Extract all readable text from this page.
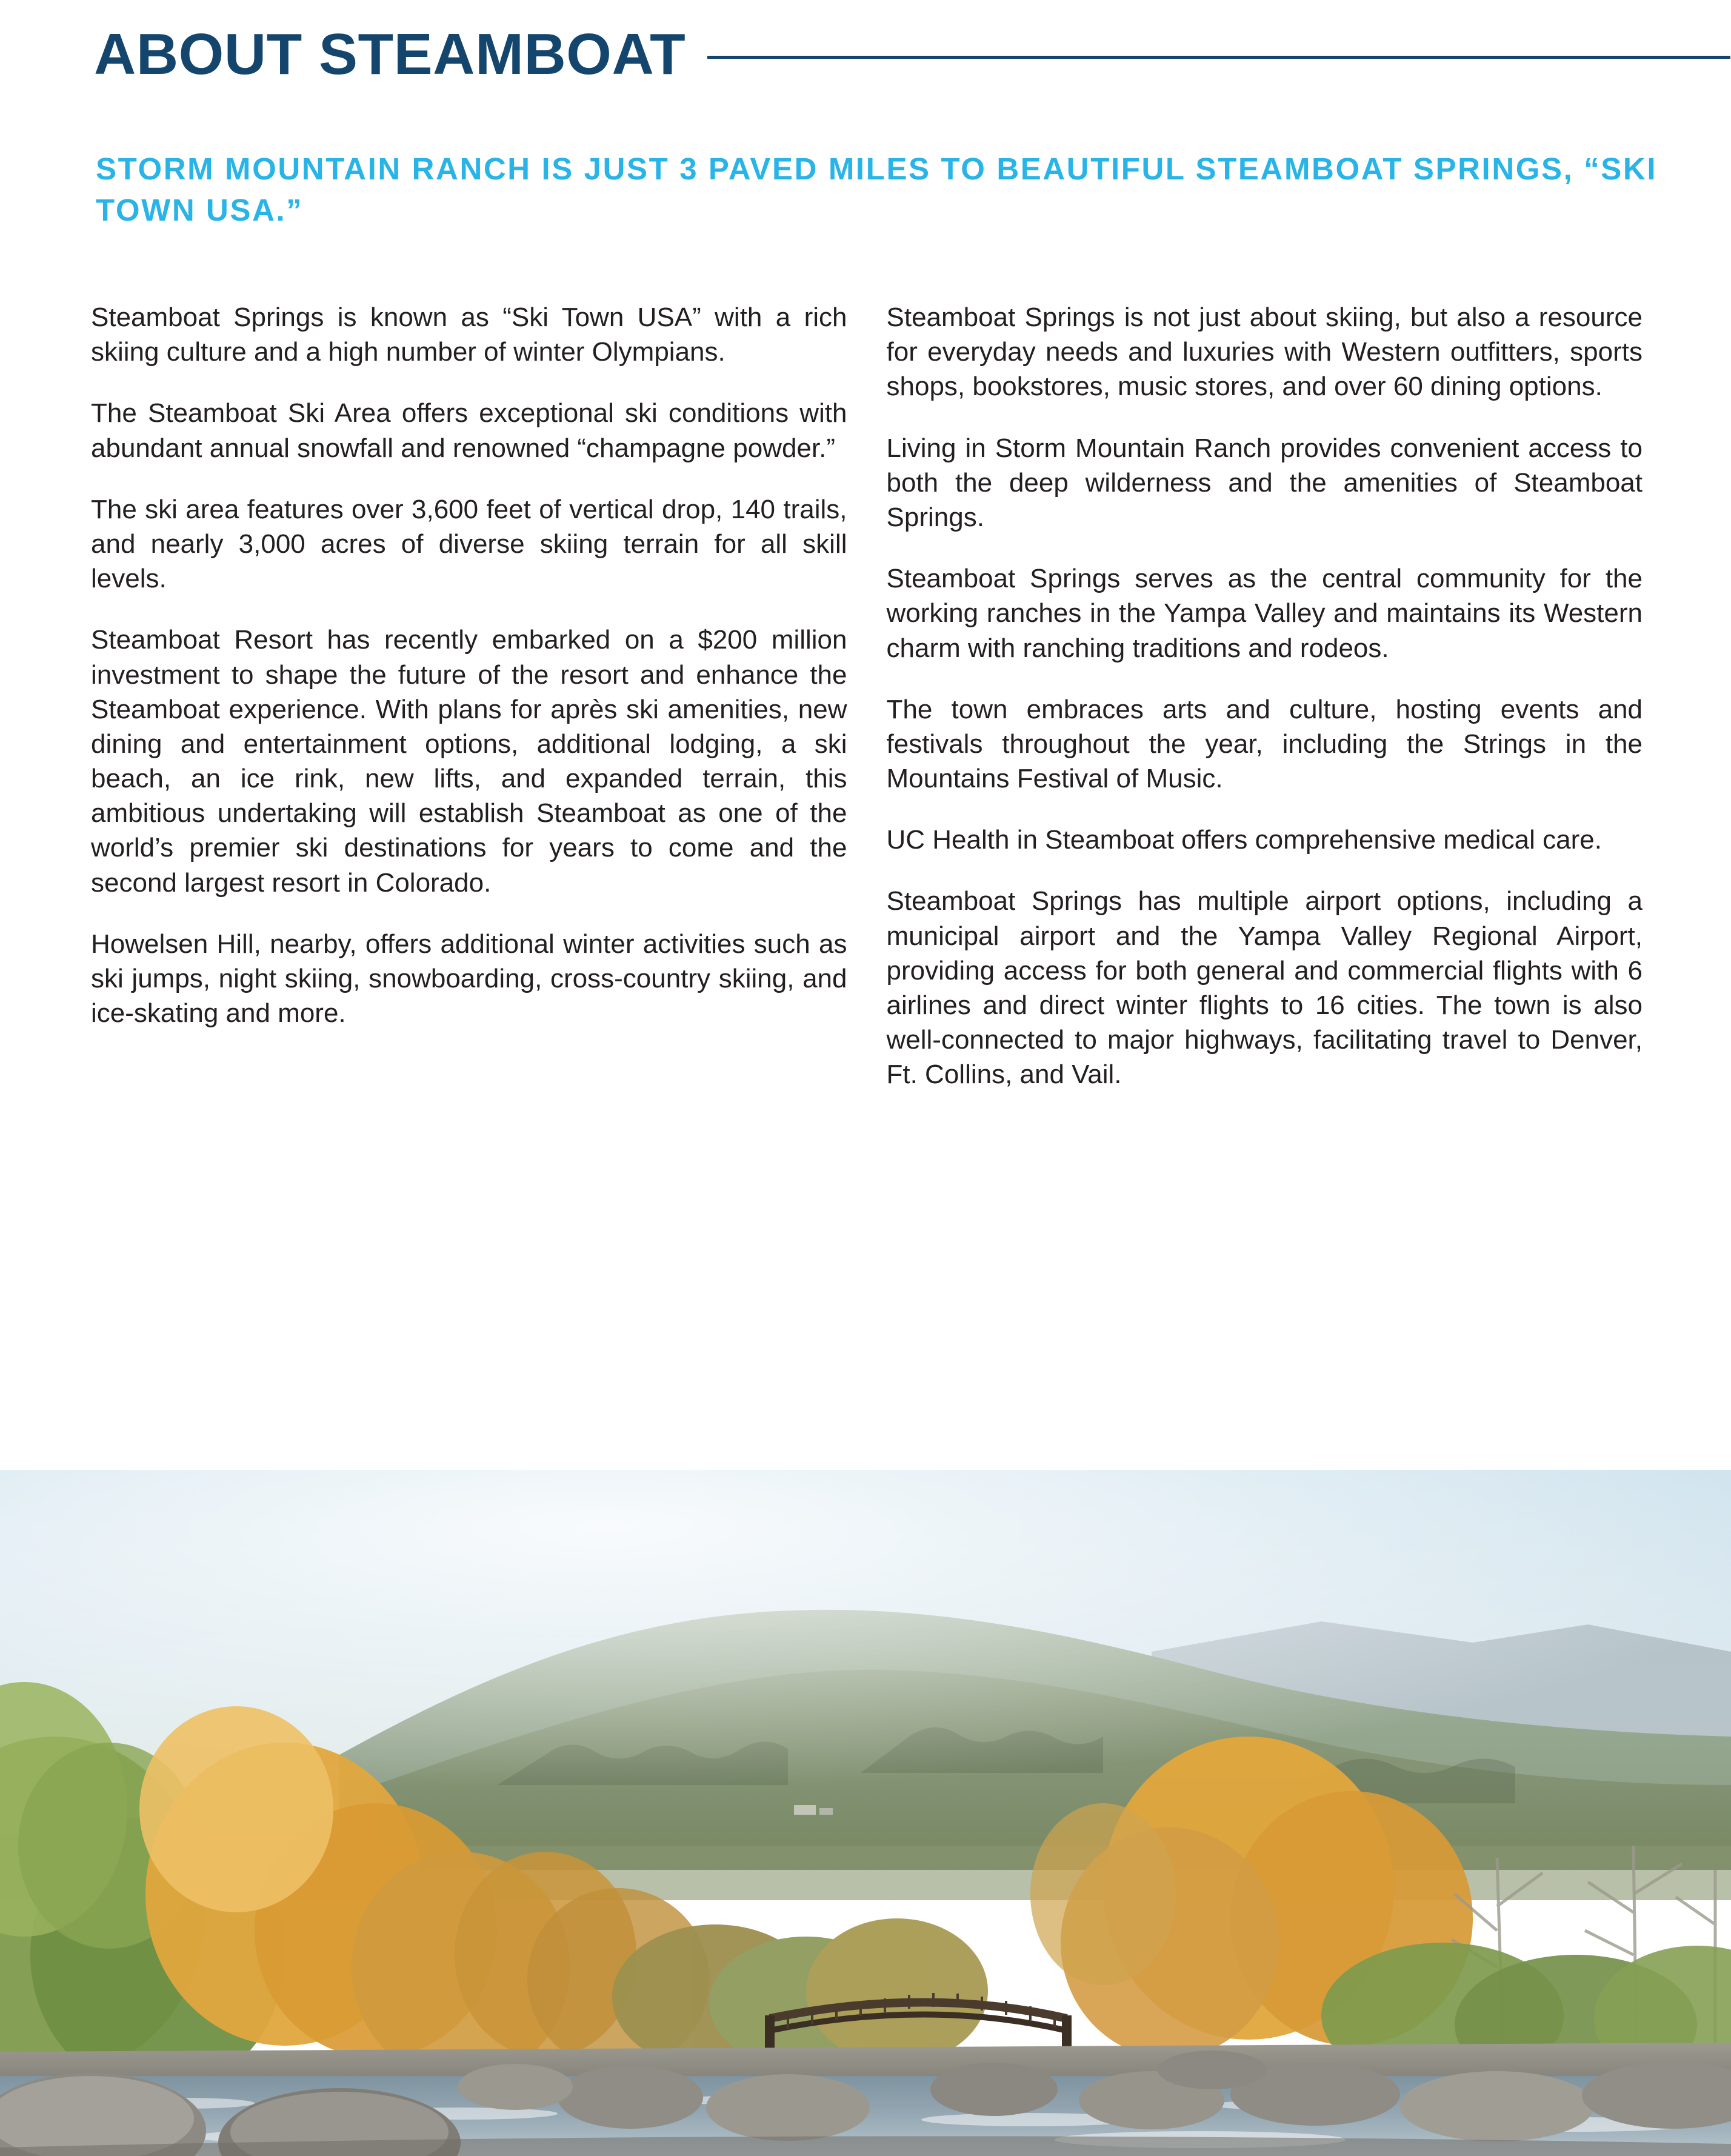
ABOUT STEAMBOAT
STORM MOUNTAIN RANCH IS JUST 3 PAVED MILES TO BEAUTIFUL STEAMBOAT SPRINGS, “SKI TOWN USA.”

Steamboat Springs is known as “Ski Town USA” with a rich skiing culture and a high number of winter Olympians.

The Steamboat Ski Area offers exceptional ski conditions with abundant annual snowfall and renowned “champagne powder.”

The ski area features over 3,600 feet of vertical drop, 140 trails, and nearly 3,000 acres of diverse skiing terrain for all skill levels.

Steamboat Resort has recently embarked on a $200 million investment to shape the future of the resort and enhance the Steamboat experience. With plans for après ski amenities, new dining and entertainment options, additional lodging, a ski beach, an ice rink, new lifts, and expanded terrain, this ambitious undertaking will establish Steamboat as one of the world’s premier ski destinations for years to come and the second largest resort in Colorado.

Howelsen Hill, nearby, offers additional winter activities such as ski jumps, night skiing, snowboarding, cross-country skiing, and ice-skating and more.

Steamboat Springs is not just about skiing, but also a resource for everyday needs and luxuries with Western outfitters, sports shops, bookstores, music stores, and over 60 dining options.

Living in Storm Mountain Ranch provides convenient access to both the deep wilderness and the amenities of Steamboat Springs.

Steamboat Springs serves as the central community for the working ranches in the Yampa Valley and maintains its Western charm with ranching traditions and rodeos.

The town embraces arts and culture, hosting events and festivals throughout the year, including the Strings in the Mountains Festival of Music.

UC Health in Steamboat offers comprehensive medical care.

Steamboat Springs has multiple airport options, including a municipal airport and the Yampa Valley Regional Airport, providing access for both general and commercial flights with 6 airlines and direct winter flights to 16 cities. The town is also well-connected to major highways, facilitating travel to Denver, Ft. Collins, and Vail.
